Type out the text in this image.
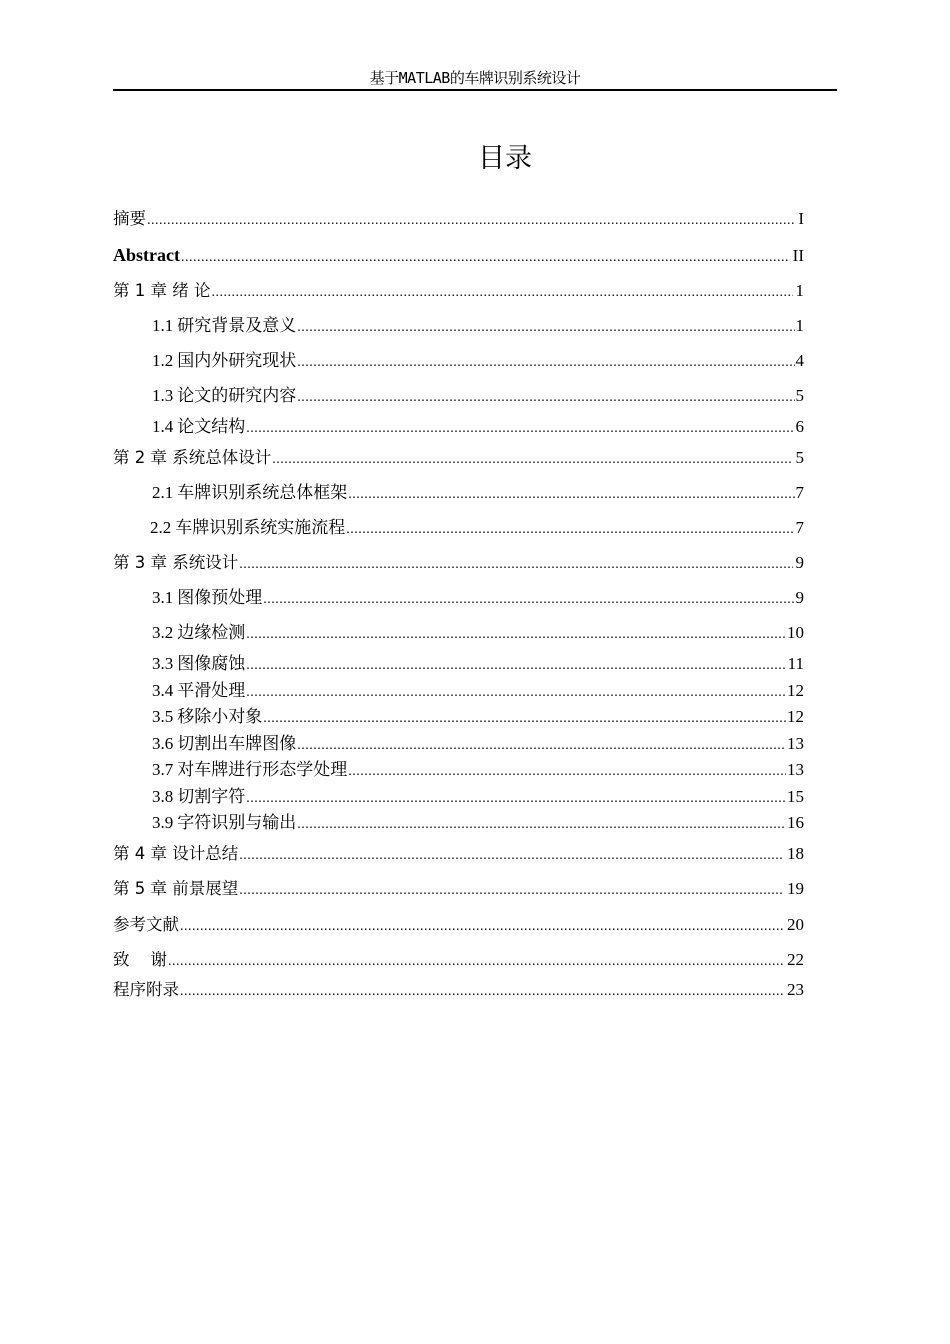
基于MATLAB的车牌识别系统设计
目录
摘要 .....	I
Abstract .....	II
第 1 章 绪 论 .....	1
1.1 研究背景及意义 .....	1
1.2 国内外研究现状 .....	4
1.3 论文的研究内容 .....	5
1.4 论文结构 .....	6
第 2 章 系统总体设计 .....	5
2.1 车牌识别系统总体框架 .....	7
2.2 车牌识别系统实施流程 .....	7
第 3 章 系统设计 .....	9
3.1 图像预处理 .....	9
3.2 边缘检测 .....	10
3.3 图像腐蚀 .....	11
3.4 平滑处理 .....	12
3.5 移除小对象 .....	12
3.6 切割出车牌图像 .....	13
3.7 对车牌进行形态学处理 .....	13
3.8 切割字符 .....	15
3.9 字符识别与输出 .....	16
第 4 章 设计总结 .....	18
第 5 章 前景展望 .....	19
参考文献 .....	20
致    谢 .....	22
程序附录 .....	23
